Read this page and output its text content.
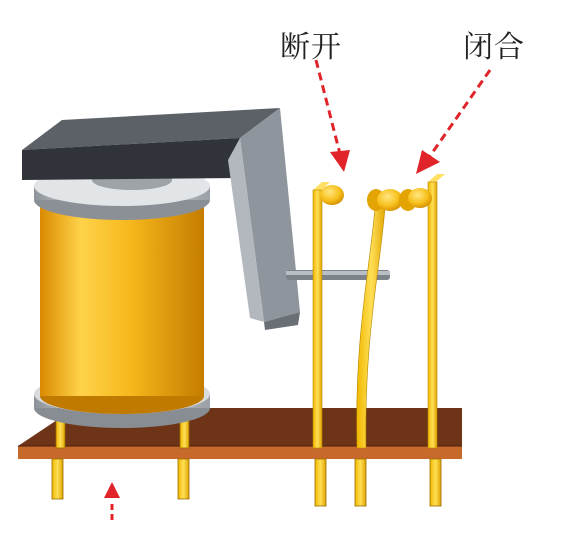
断开	闭合
